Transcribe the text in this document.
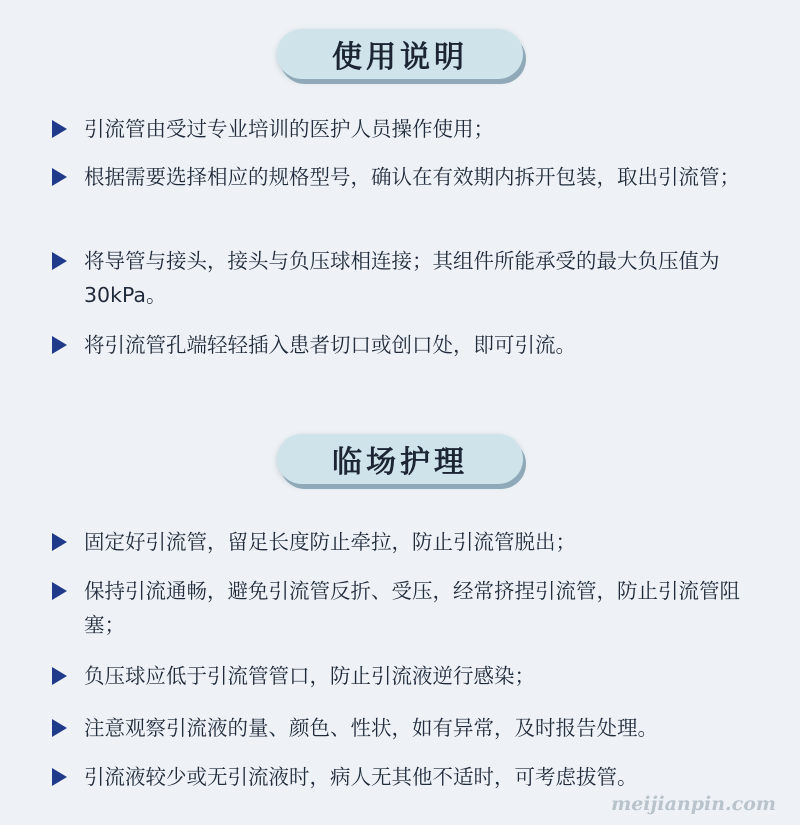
使用说明
引流管由受过专业培训的医护人员操作使用；
根据需要选择相应的规格型号，确认在有效期内拆开包装，取出引流管；
将导管与接头，接头与负压球相连接；其组件所能承受的最大负压值为 30kPa。
将引流管孔端轻轻插入患者切口或创口处，即可引流。
临场护理
固定好引流管，留足长度防止牵拉，防止引流管脱出；
保持引流通畅，避免引流管反折、受压，经常挤捏引流管，防止引流管阻塞；
负压球应低于引流管管口，防止引流液逆行感染；
注意观察引流液的量、颜色、性状，如有异常，及时报告处理。
引流液较少或无引流液时，病人无其他不适时，可考虑拔管。
meijianpin.com
